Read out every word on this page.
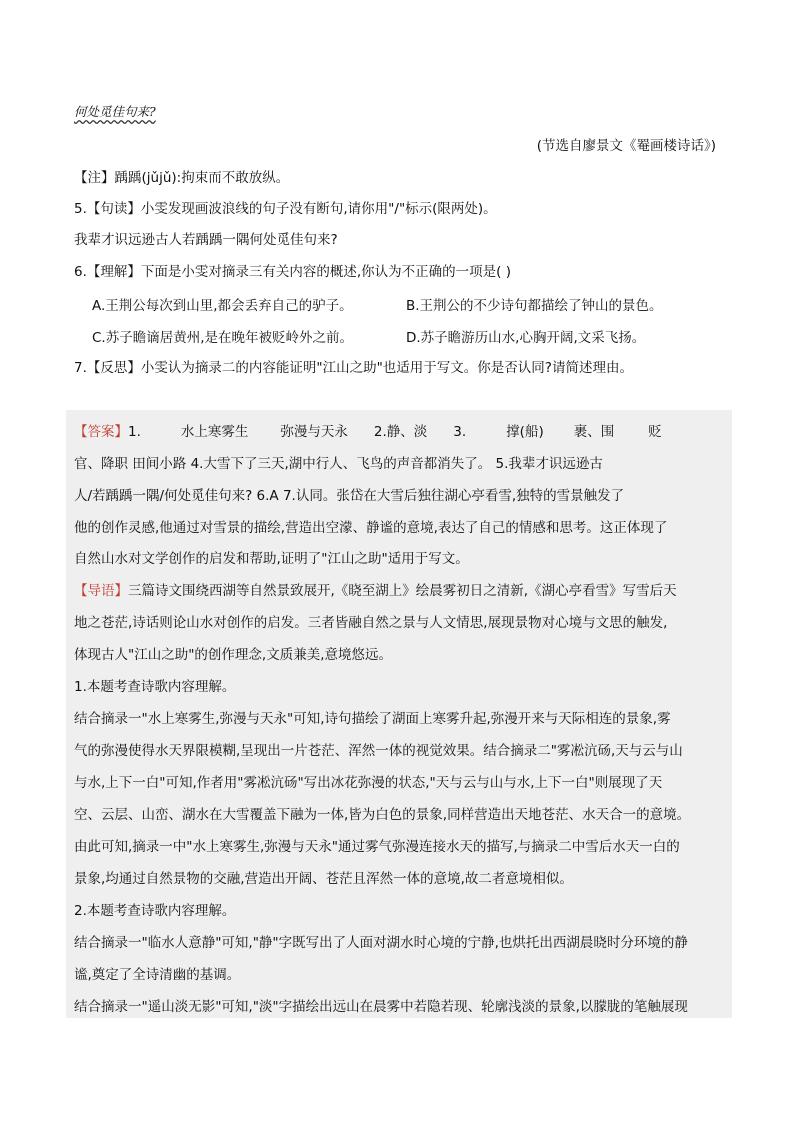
何处觅佳句来?
(节选自廖景文《罨画楼诗话》)
【注】踽踽(jǔjǔ):拘束而不敢放纵。
5.【句读】小雯发现画波浪线的句子没有断句,请你用"/"标示(限两处)。
我辈才识远逊古人若踽踽一隅何处觅佳句来?
6.【理解】下面是小雯对摘录三有关内容的概述,你认为不正确的一项是( )
A.王荆公每次到山里,都会丢弃自己的驴子。	B.王荆公的不少诗句都描绘了钟山的景色。
C.苏子瞻谪居黄州,是在晚年被贬岭外之前。	D.苏子瞻游历山水,心胸开阔,文采飞扬。
7.【反思】小雯认为摘录二的内容能证明"江山之助"也适用于写文。你是否认同?请简述理由。
【答案】1.	水上寒雾生 弥漫与天永 2.静、淡 3.	撑(船) 裹、围	贬
官、降职 田间小路 4.大雪下了三天,湖中行人、飞鸟的声音都消失了。 5.我辈才识远逊古
人/若踽踽一隅/何处觅佳句来? 6.A 7.认同。张岱在大雪后独往湖心亭看雪,独特的雪景触发了
他的创作灵感,他通过对雪景的描绘,营造出空濛、静谧的意境,表达了自己的情感和思考。这正体现了
自然山水对文学创作的启发和帮助,证明了"江山之助"适用于写文。
【导语】三篇诗文围绕西湖等自然景致展开,《晓至湖上》绘晨雾初日之清新,《湖心亭看雪》写雪后天
地之苍茫,诗话则论山水对创作的启发。三者皆融自然之景与人文情思,展现景物对心境与文思的触发,
体现古人"江山之助"的创作理念,文质兼美,意境悠远。
1.本题考查诗歌内容理解。
结合摘录一"水上寒雾生,弥漫与天永"可知,诗句描绘了湖面上寒雾升起,弥漫开来与天际相连的景象,雾
气的弥漫使得水天界限模糊,呈现出一片苍茫、浑然一体的视觉效果。结合摘录二"雾凇沆砀,天与云与山
与水,上下一白"可知,作者用"雾凇沆砀"写出冰花弥漫的状态,"天与云与山与水,上下一白"则展现了天
空、云层、山峦、湖水在大雪覆盖下融为一体,皆为白色的景象,同样营造出天地苍茫、水天合一的意境。
由此可知,摘录一中"水上寒雾生,弥漫与天永"通过雾气弥漫连接水天的描写,与摘录二中雪后水天一白的
景象,均通过自然景物的交融,营造出开阔、苍茫且浑然一体的意境,故二者意境相似。
2.本题考查诗歌内容理解。
结合摘录一"临水人意静"可知,"静"字既写出了人面对湖水时心境的宁静,也烘托出西湖晨晓时分环境的静
谧,奠定了全诗清幽的基调。
结合摘录一"遥山淡无影"可知,"淡"字描绘出远山在晨雾中若隐若现、轮廓浅淡的景象,以朦胧的笔触展现
